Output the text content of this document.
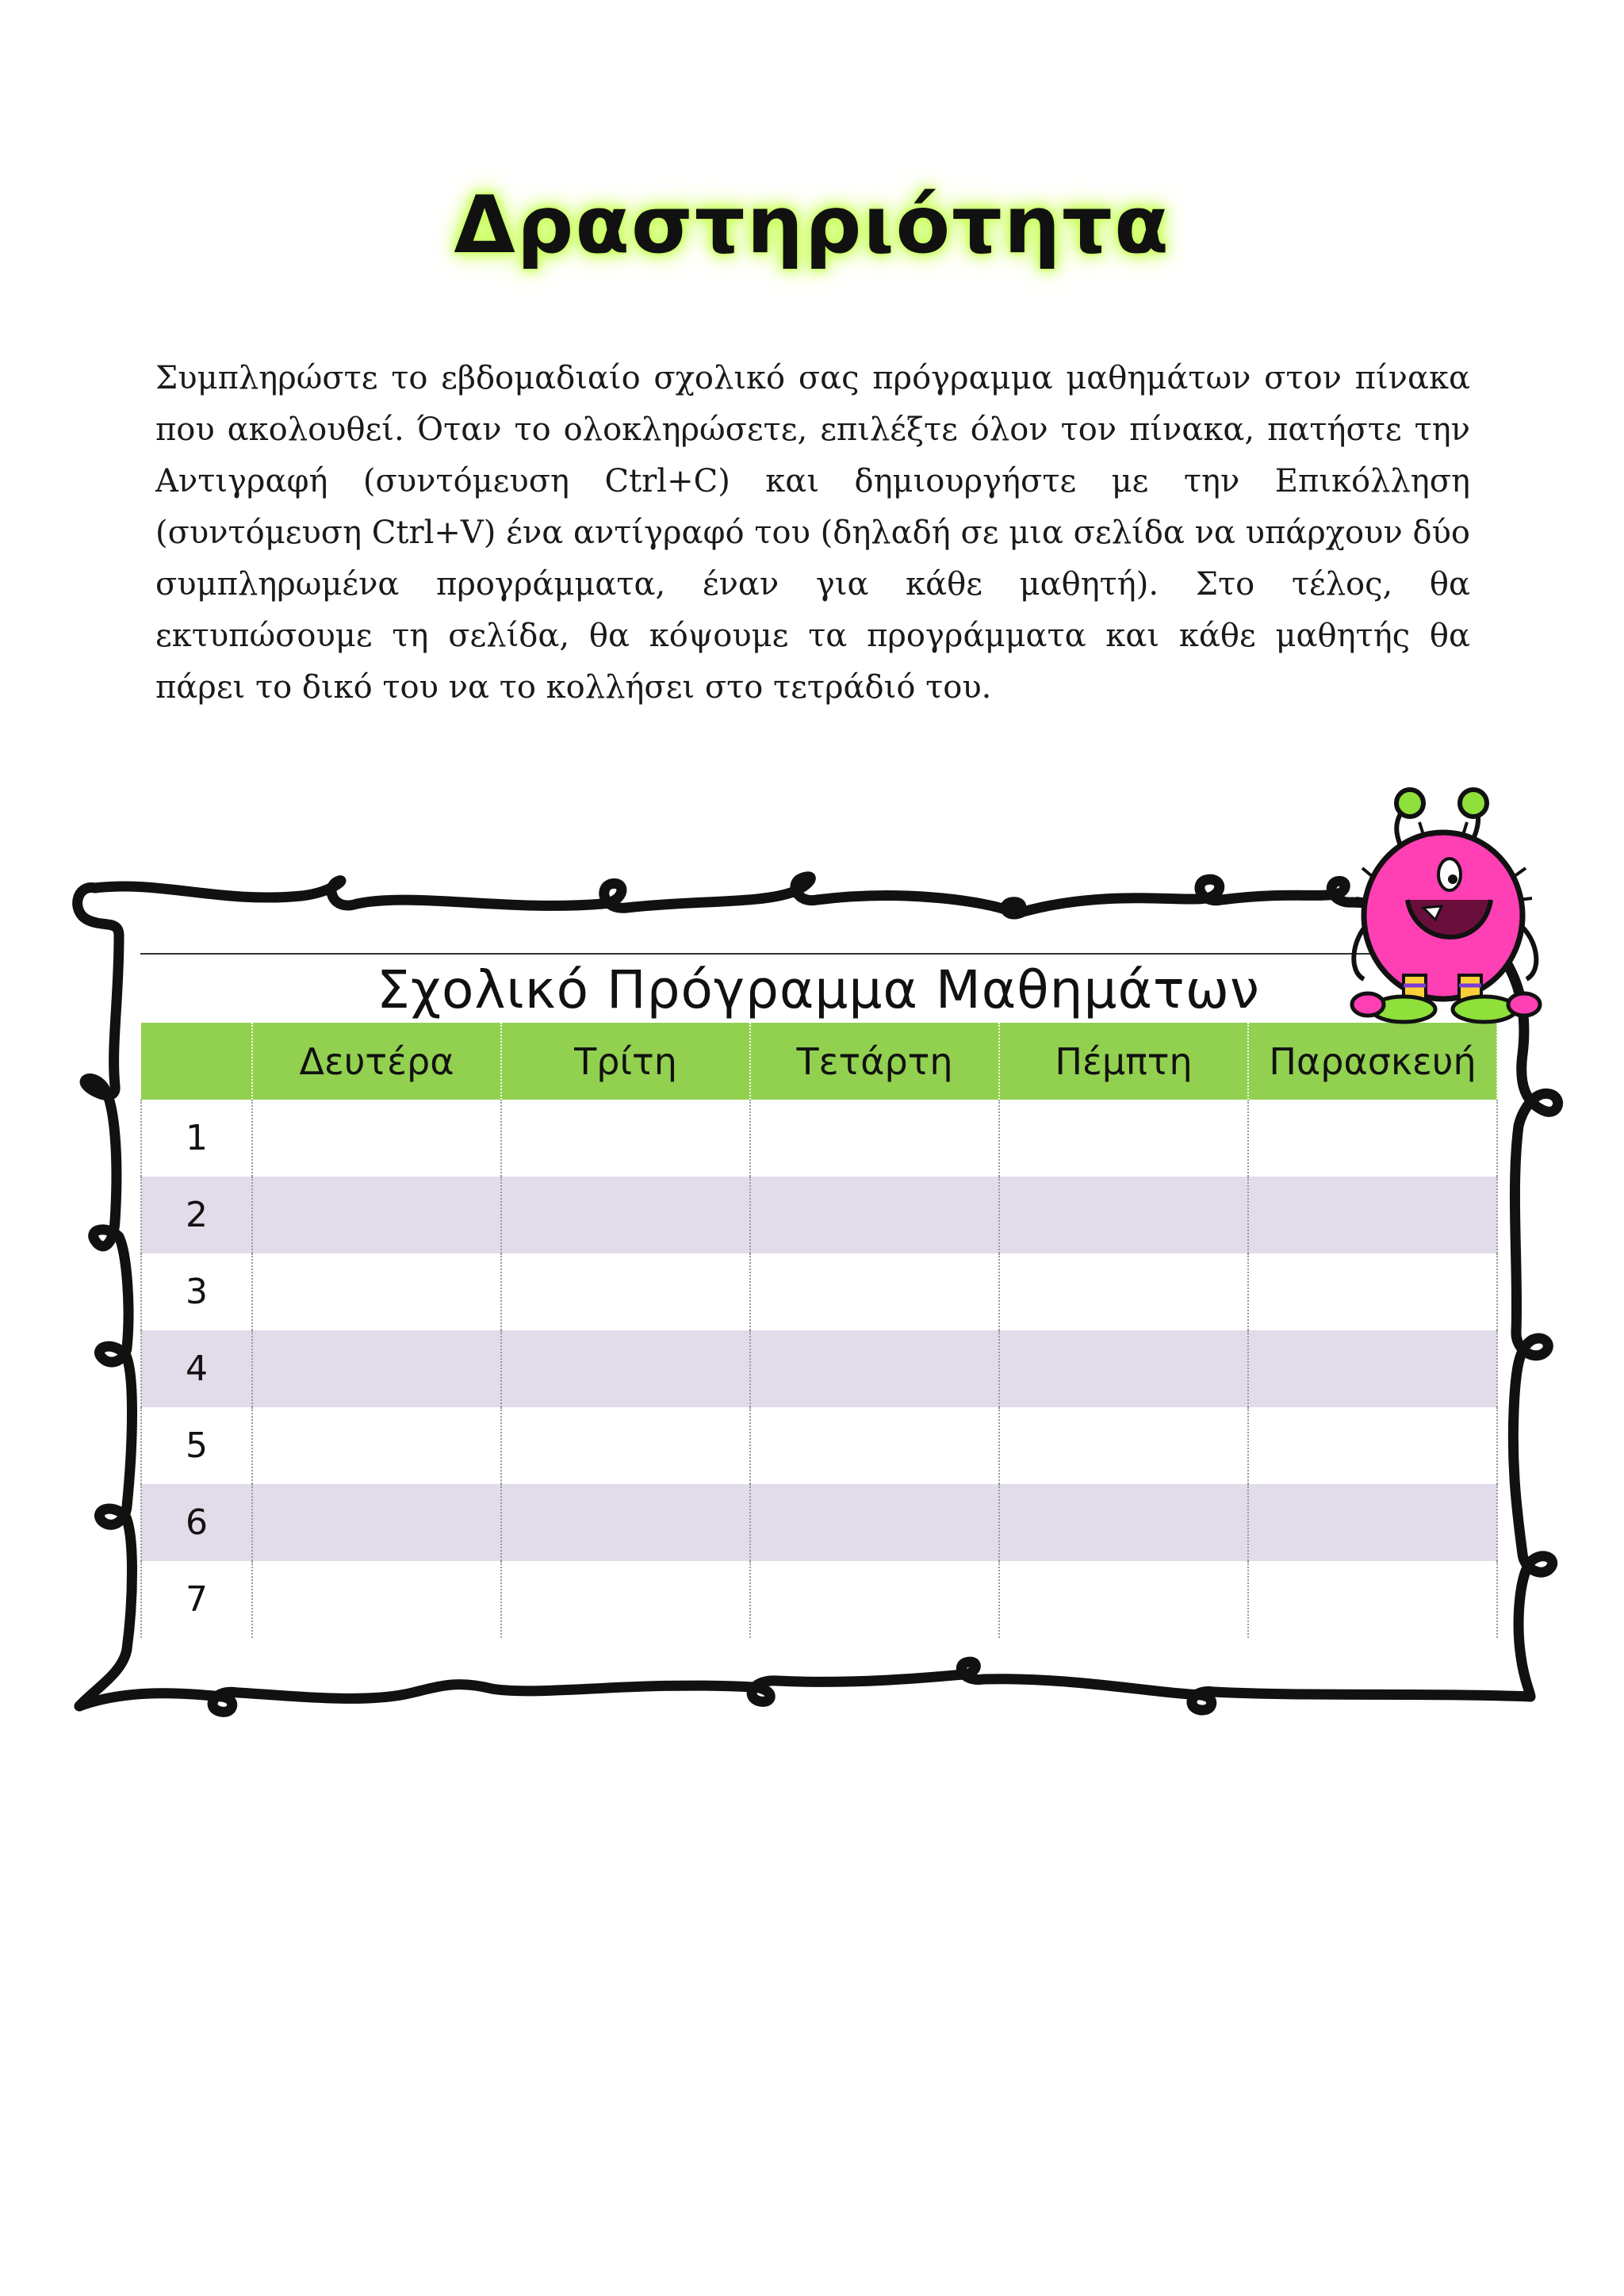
Δραστηριότητα

Συμπληρώστε το εβδομαδιαίο σχολικό σας πρόγραμμα μαθημάτων στον πίνακα που ακολουθεί. Όταν το ολοκληρώσετε, επιλέξτε όλον τον πίνακα, πατήστε την Αντιγραφή (συντόμευση Ctrl+C) και δημιουργήστε με την Επικόλληση (συντόμευση Ctrl+V) ένα αντίγραφό του (δηλαδή σε μια σελίδα να υπάρχουν δύο συμπληρωμένα προγράμματα, έναν για κάθε μαθητή). Στο τέλος, θα εκτυπώσουμε τη σελίδα, θα κόψουμε τα προγράμματα και κάθε μαθητής θα πάρει το δικό του να το κολλήσει στο τετράδιό του.

Σχολικό Πρόγραμμα Μαθημάτων
	Δευτέρα	Τρίτη	Τετάρτη	Πέμπτη	Παρασκευή
1					
2					
3					
4					
5					
6					
7					
